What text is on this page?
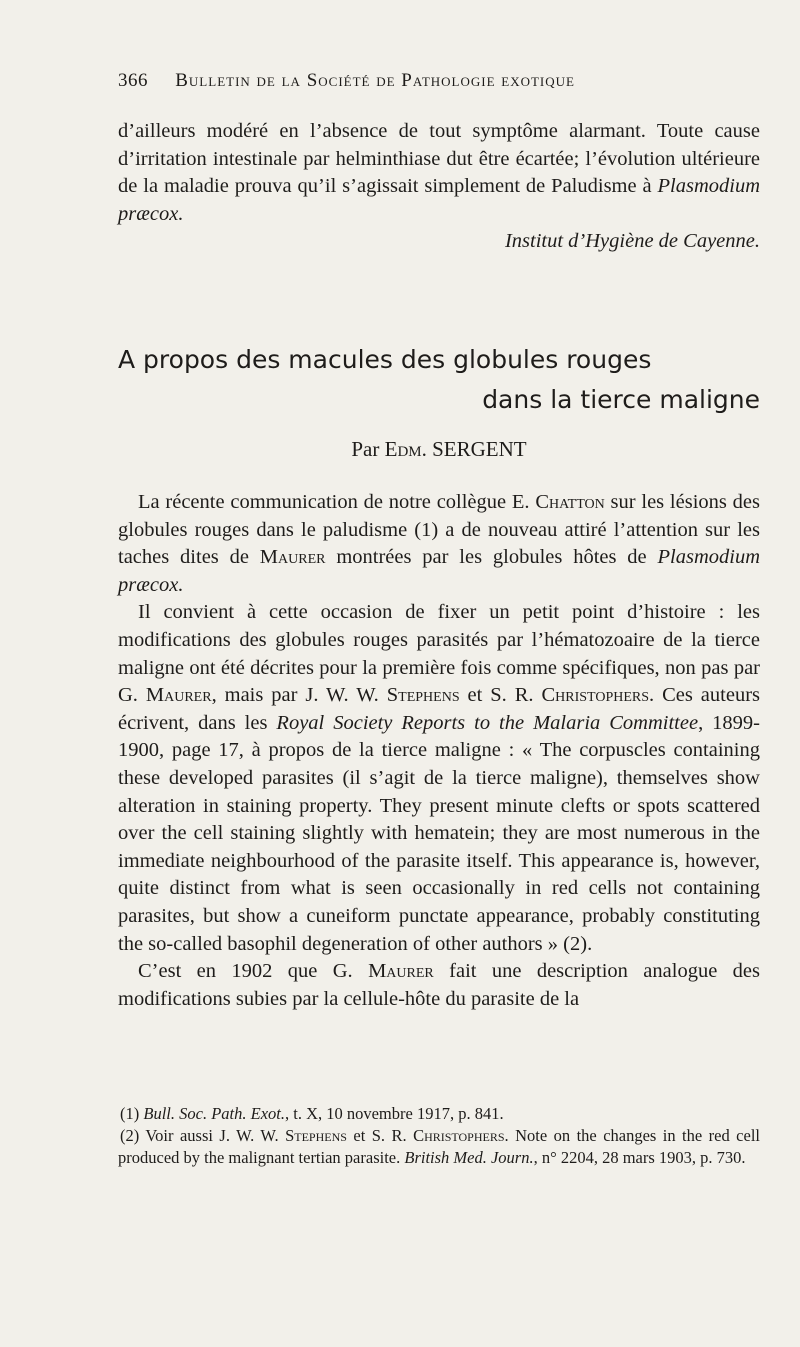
366 Bulletin de la Société de Pathologie exotique

d’ailleurs modéré en l’absence de tout symptôme alarmant. Toute cause d’irritation intestinale par helminthiase dut être écartée; l’évolution ultérieure de la maladie prouva qu’il s’agissait simplement de Paludisme à Plasmodium præcox.

Institut d’Hygiène de Cayenne.

A propos des macules des globules rouges
dans la tierce maligne
Par Edm. SERGENT

La récente communication de notre collègue E. Chatton sur les lésions des globules rouges dans le paludisme (1) a de nouveau attiré l’attention sur les taches dites de Maurer montrées par les globules hôtes de Plasmodium præcox.

Il convient à cette occasion de fixer un petit point d’histoire : les modifications des globules rouges parasités par l’hématozoaire de la tierce maligne ont été décrites pour la première fois comme spécifiques, non pas par G. Maurer, mais par J. W. W. Stephens et S. R. Christophers. Ces auteurs écrivent, dans les Royal Society Reports to the Malaria Committee, 1899-1900, page 17, à propos de la tierce maligne : « The corpuscles containing these developed parasites (il s’agit de la tierce maligne), themselves show alteration in staining property. They present minute clefts or spots scattered over the cell staining slightly with hematein; they are most numerous in the immediate neighbourhood of the parasite itself. This appearance is, however, quite distinct from what is seen occasionally in red cells not containing parasites, but show a cuneiform punctate appearance, probably constituting the so-called basophil degeneration of other authors » (2).

C’est en 1902 que G. Maurer fait une description analogue des modifications subies par la cellule-hôte du parasite de la

(1) Bull. Soc. Path. Exot., t. X, 10 novembre 1917, p. 841.

(2) Voir aussi J. W. W. Stephens et S. R. Christophers. Note on the changes in the red cell produced by the malignant tertian parasite. British Med. Journ., n° 2204, 28 mars 1903, p. 730.
